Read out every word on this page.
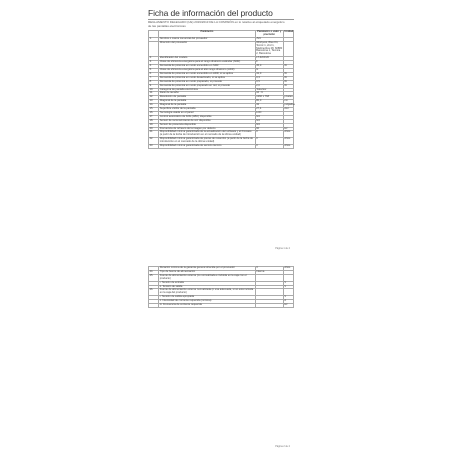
Ficha de información del producto
REGLAMENTO DELEGADO (UE) 2019/2013 DE LA COMISIÓN en lo relativo al etiquetado energético de las pantallas electrónicas
	Parámetro	Parámetro o valor y precisión	Unidad
1.	Nombre o marca comercial del proveedor	JVC	
	Dirección del proveedor	Whirlpool, Blue Kit, Tecnic 1, 2nd 1, Martinerbos 28, 60880 Barcelona 1, Tecnica 2, Barcelona	
2.	Identificador del modelo	LT-32CF20	
3.	Clase de eficiencia energética para el rango dinámico estándar (SDR)	F	
4.	Demanda de potencia en modo encendido en SDR	35,0	W
5.	Clase de eficiencia energética para el alto rango dinámico (HDR)	G	
6.	Demanda de potencia en modo encendido en HDR, si se aplica	41,0	W
7.	Demanda de potencia en modo desactivado, si se aplica	0,3	W
8.	Demanda de potencia en modo preparado, si procede	0,5	W
9.	Demanda de potencia en modo preparado en red, si procede	2,0	W
10.	Categoría de pantalla electrónica	Televisor	
11.	Ratio de tamaño	16 : 9	
12.	Resolución de pantalla	1366 x 768	píxeles
13.	Diagonal de la pantalla	80,0	cm
14.	Diagonal de la pantalla	32	pulgadas
15.	Superficie visible de la pantalla	27,4	dm²
16.	Tecnología usada en el panel	LCD	
17.	Control automático de brillo (ABC) disponible	NO	
18.	Sensor de reconocimiento de voz disponible	NO	
19.	Sensor de presencia disponible	NO	
20.	Frecuencia de refresco de la imagen por defecto	60	Hz
21.	Disponibilidad mínima garantizada de la actualización del software y el firmware (a partir de la fecha de introducción en el mercado de la última unidad)	0	Años
22.	Disponibilidad mínima garantizada de piezas de recambio (a partir de la fecha de introducción en el mercado de la última unidad)	0	Años
23.	Disponibilidad mínima garantizada de servicio técnico	0	Años
Página 1 de 2
	Duración mínima de la garantía general ofrecida por el proveedor	3	Años
24.	Tipo de fuente de alimentación	Interna	
25.	Fuente de alimentación externa (no normalizada e incluida en la caja con el producto)		
	i. Tensión de entrada		V
	ii. Tensión de salida		V
26.	Fuente de alimentación externa normalizada (o una adecuada, si no está incluida en la caja del producto)		
	i. Tensión de salida apropiada		V
	ii. Intensidad de corriente requerida (mínima)		A
	iii. Frecuencia de corriente requerida		Hz
Página 2 de 2
